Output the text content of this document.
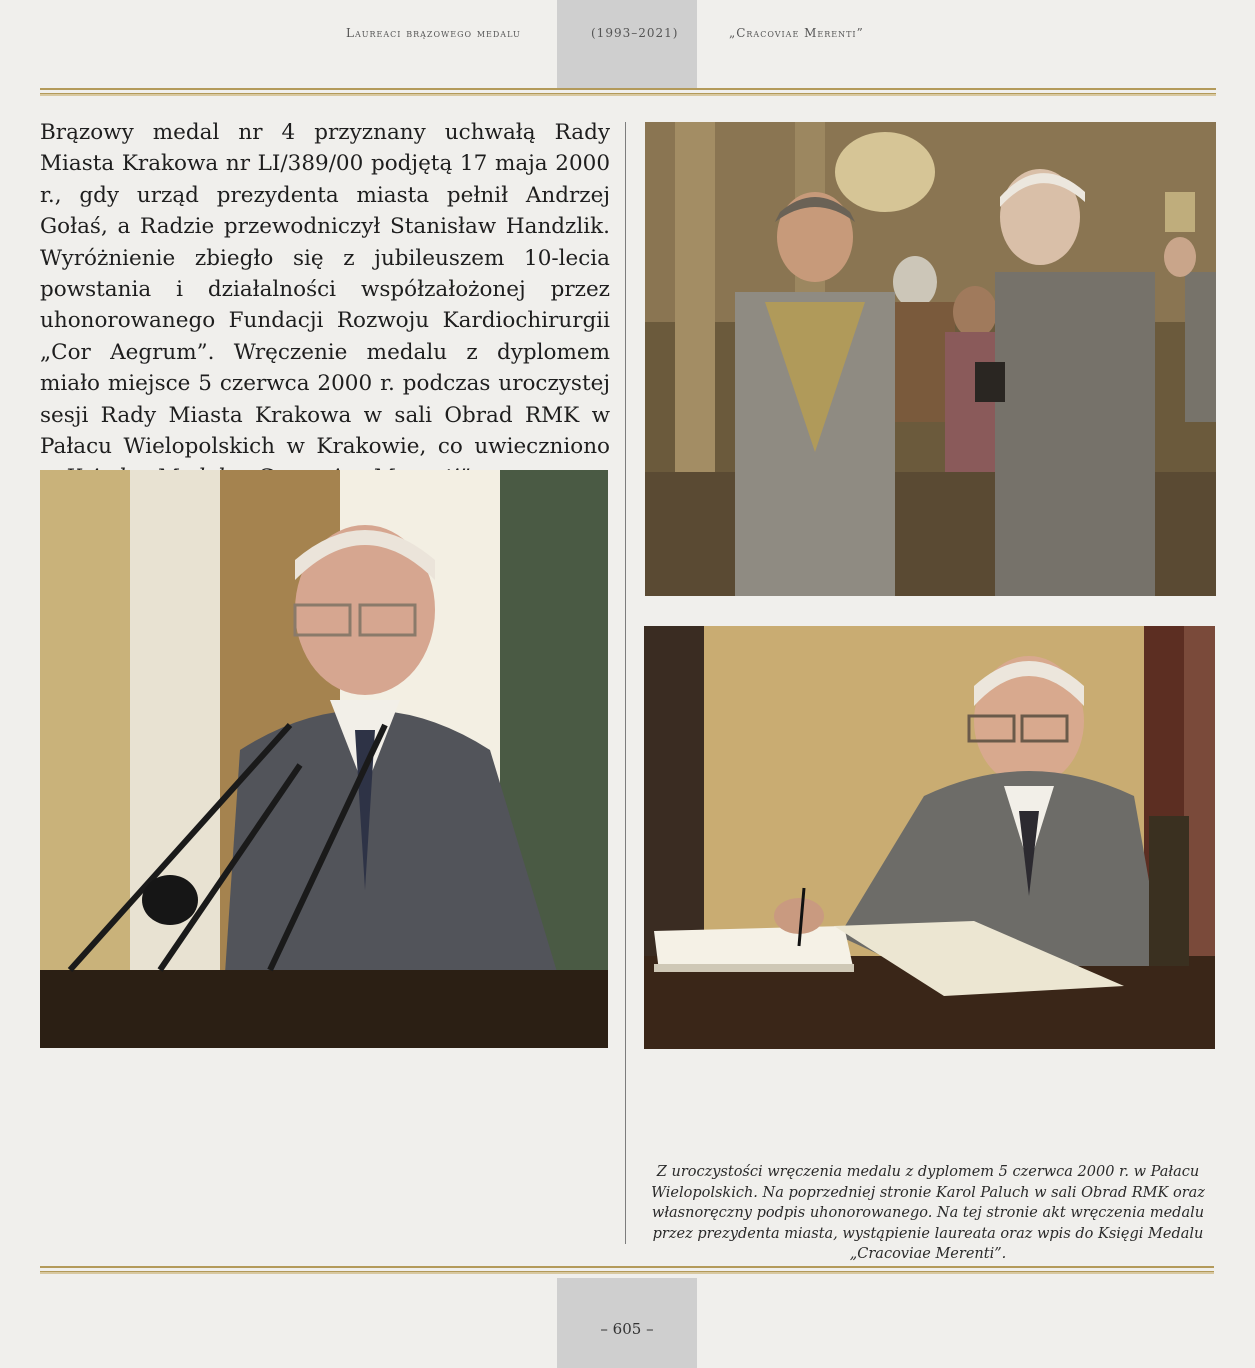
Laureaci brązowego medalu	(1993–2021)	„Cracoviae Merenti”
Brązowy medal nr 4 przyznany uchwałą Rady Miasta Krakowa nr LI/389/00 podjętą 17 maja 2000 r., gdy urząd prezydenta miasta pełnił Andrzej Gołaś, a Radzie przewodniczył Stanisław Handzlik. Wyróżnienie zbiegło się z jubileuszem 10-lecia powstania i działalności współzałożonej przez uhonorowanego Fundacji Rozwoju Kardiochirurgii „Cor Aegrum”. Wręczenie medalu z dyplomem miało miejsce 5 czerwca 2000 r. podczas uroczystej sesji Rady Miasta Krakowa w sali Obrad RMK w Pałacu Wielopolskich w Krakowie, co uwieczniono
Z uroczystości wręczenia medalu z dyplomem 5 czerwca 2000 r. w Pałacu Wielopolskich. Na poprzedniej stronie Karol Paluch w sali Obrad RMK oraz własnoręczny podpis uhonorowanego. Na tej stronie akt wręczenia medalu przez prezydenta miasta, wystąpienie laureata oraz wpis do Księgi Medalu „Cracoviae Merenti”.
– 605 –
